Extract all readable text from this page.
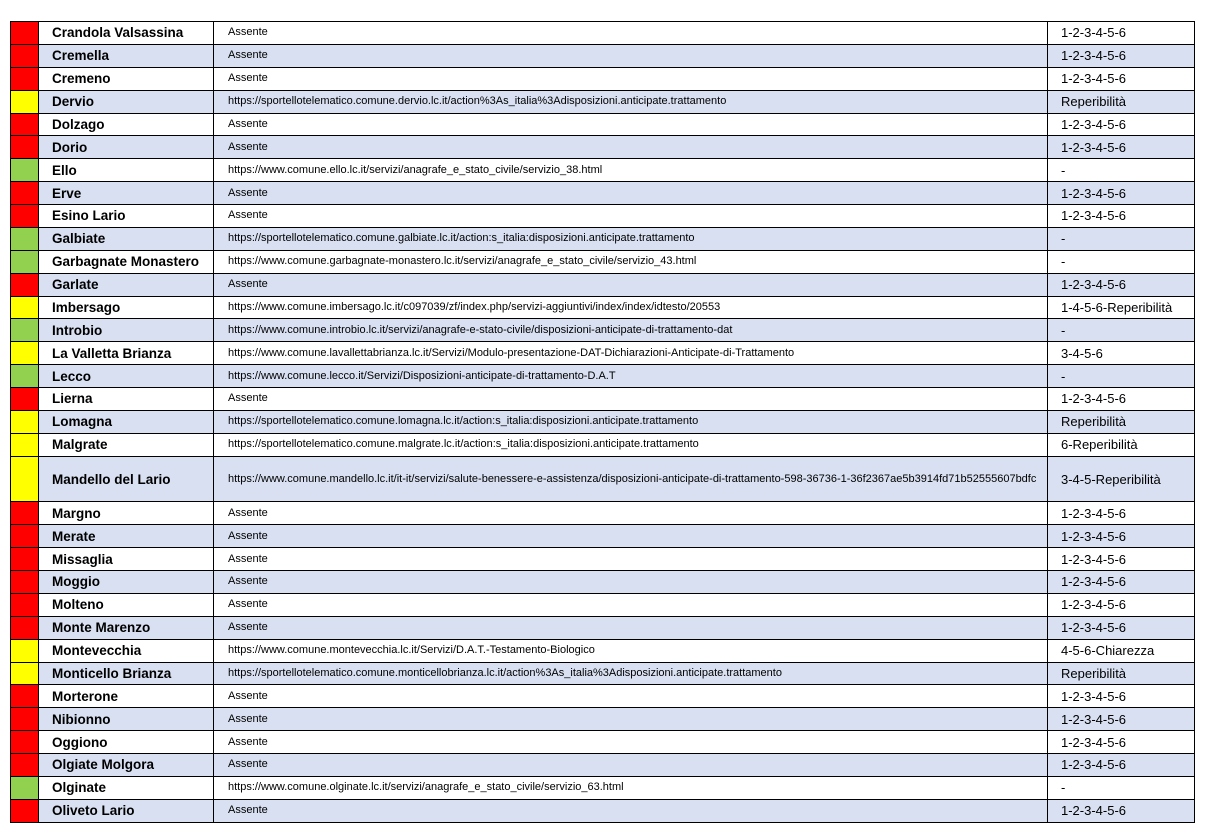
	Crandola Valsassina	Assente	1-2-3-4-5-6
	Cremella	Assente	1-2-3-4-5-6
	Cremeno	Assente	1-2-3-4-5-6
	Dervio	https://sportellotelematico.comune.dervio.lc.it/action%3As_italia%3Adisposizioni.anticipate.trattamento	Reperibilità
	Dolzago	Assente	1-2-3-4-5-6
	Dorio	Assente	1-2-3-4-5-6
	Ello	https://www.comune.ello.lc.it/servizi/anagrafe_e_stato_civile/servizio_38.html	-
	Erve	Assente	1-2-3-4-5-6
	Esino Lario	Assente	1-2-3-4-5-6
	Galbiate	https://sportellotelematico.comune.galbiate.lc.it/action:s_italia:disposizioni.anticipate.trattamento	-
	Garbagnate Monastero	https://www.comune.garbagnate-monastero.lc.it/servizi/anagrafe_e_stato_civile/servizio_43.html	-
	Garlate	Assente	1-2-3-4-5-6
	Imbersago	https://www.comune.imbersago.lc.it/c097039/zf/index.php/servizi-aggiuntivi/index/index/idtesto/20553	1-4-5-6-Reperibilità
	Introbio	https://www.comune.introbio.lc.it/servizi/anagrafe-e-stato-civile/disposizioni-anticipate-di-trattamento-dat	-
	La Valletta Brianza	https://www.comune.lavallettabrianza.lc.it/Servizi/Modulo-presentazione-DAT-Dichiarazioni-Anticipate-di-Trattamento	3-4-5-6
	Lecco	https://www.comune.lecco.it/Servizi/Disposizioni-anticipate-di-trattamento-D.A.T	-
	Lierna	Assente	1-2-3-4-5-6
	Lomagna	https://sportellotelematico.comune.lomagna.lc.it/action:s_italia:disposizioni.anticipate.trattamento	Reperibilità
	Malgrate	https://sportellotelematico.comune.malgrate.lc.it/action:s_italia:disposizioni.anticipate.trattamento	6-Reperibilità
	Mandello del Lario	https://www.comune.mandello.lc.it/it-it/servizi/salute-benessere-e-assistenza/disposizioni-anticipate-di-trattamento-598-36736-1-36f2367ae5b3914fd71b52555607bdfc	3-4-5-Reperibilità
	Margno	Assente	1-2-3-4-5-6
	Merate	Assente	1-2-3-4-5-6
	Missaglia	Assente	1-2-3-4-5-6
	Moggio	Assente	1-2-3-4-5-6
	Molteno	Assente	1-2-3-4-5-6
	Monte Marenzo	Assente	1-2-3-4-5-6
	Montevecchia	https://www.comune.montevecchia.lc.it/Servizi/D.A.T.-Testamento-Biologico	4-5-6-Chiarezza
	Monticello Brianza	https://sportellotelematico.comune.monticellobrianza.lc.it/action%3As_italia%3Adisposizioni.anticipate.trattamento	Reperibilità
	Morterone	Assente	1-2-3-4-5-6
	Nibionno	Assente	1-2-3-4-5-6
	Oggiono	Assente	1-2-3-4-5-6
	Olgiate Molgora	Assente	1-2-3-4-5-6
	Olginate	https://www.comune.olginate.lc.it/servizi/anagrafe_e_stato_civile/servizio_63.html	-
	Oliveto Lario	Assente	1-2-3-4-5-6
